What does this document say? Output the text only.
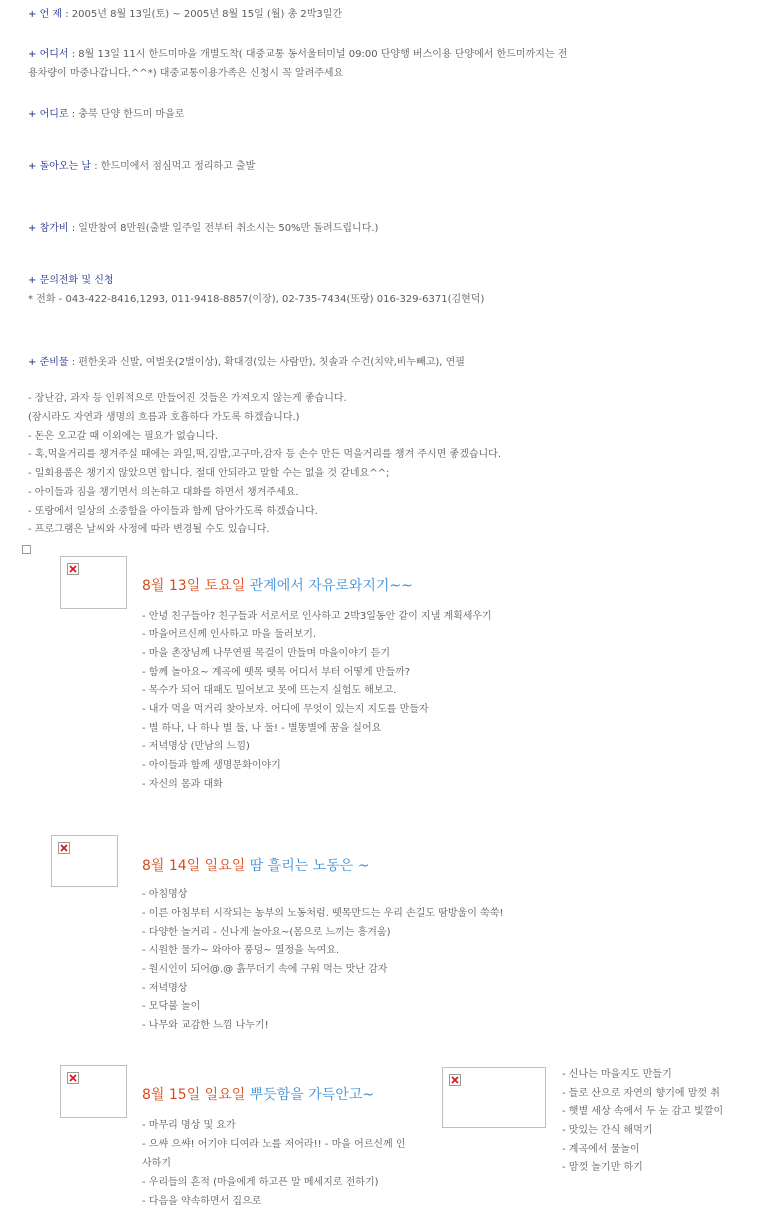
+ 언 제 : 2005년 8월 13일(토) ~ 2005년 8월 15일 (월) 총 2박3일간
+ 어디서 : 8월 13일 11시 한드미마을 개별도착( 대중교통 동서울터미널 09:00 단양행 버스이용 단양에서 한드미까지는 전
용차량이 마중나갑니다.^^*) 대중교통이용가족은 신청시 꼭 알려주세요
+ 어디로 : 충북 단양 한드미 마을로
+ 돌아오는 날 : 한드미에서 점심먹고 정리하고 출발
+ 참가비 : 일반참여 8만원(출발 일주일 전부터 취소시는 50%만 돌려드립니다.)
+ 문의전화 및 신청
* 전화 - 043-422-8416,1293, 011-9418-8857(이장), 02-735-7434(또랑) 016-329-6371(김현덕)
+ 준비물 : 편한옷과 신발, 여벌옷(2벌이상), 확대경(있는 사람만), 칫솔과 수건(치약,비누빼고), 연필
- 장난감, 과자 등 인위적으로 만들어진 것들은 가져오지 않는게 좋습니다.
(잠시라도 자연과 생명의 흐름과 호흡하다 가도록 하겠습니다.)
- 돈은 오고갈 때 이외에는 필요가 없습니다.
- 혹,먹을거리를 챙겨주실 때에는 과일,떡,김밥,고구마,감자 등 손수 만든 먹을거리를 챙겨 주시면 좋겠습니다.
- 일회용품은 챙기지 않았으면 합니다. 절대 안되라고 말할 수는 없을 것 같네요^^;
- 아이들과 짐을 챙기면서 의논하고 대화를 하면서 챙겨주세요.
- 또랑에서 일상의 소중함을 아이들과 함께 담아가도록 하겠습니다.
- 프로그램은 날씨와 사정에 따라 변경될 수도 있습니다.
8월 13일 토요일 관계에서 자유로와지기~~
- 안녕 친구들아? 친구들과 서로서로 인사하고 2박3일동안 같이 지낼 계획세우기
- 마을어르신께 인사하고 마을 둘러보기.
- 마을 촌장님께 나무연필 목걸이 만들며 마을이야기 듣기
- 함께 놀아요~ 계곡에 뗏목 뗏목 어디서 부터 어떻게 만들까?
- 목수가 되어 대패도 밀어보고 못에 뜨는지 실험도 해보고.
- 내가 먹을 먹거리 찾아보자. 어디에 무엇이 있는지 지도를 만들자
- 별 하나, 나 하나 별 둘, 나 둘! - 별똥별에 꿈을 실어요
- 저녁명상 (만남의 느낌)
- 아이들과 함께 생명문화이야기
- 자신의 몸과 대화
8월 14일 일요일 땀 흘리는 노동은 ~
- 아침명상
- 이른 아침부터 시작되는 농부의 노동처럼. 뗏목만드는 우리 손길도 땀방울이 쑥쑥!
- 다양한 놀거리 - 신나게 놀아요~(몸으로 느끼는 흥겨움)
- 시원한 물가~ 와아아 풍덩~ 열정을 녹여요.
- 원시인이 되어@.@ 흙무더기 속에 구워 먹는 맛난 감자
- 저녁명상
- 모닥불 놀이
- 나무와 교감한 느낌 나누기!
8월 15일 일요일 뿌듯함을 가득안고~
- 마무리 명상 및 요가
- 으쌰 으쌰! 어기야 디여라 노를 저어라!! - 마을 어르신께 인
사하기
- 우리들의 흔적 (마을에게 하고픈 말 메세지로 전하기)
- 다음을 약속하면서 집으로
- 신나는 마을지도 만들기
- 들로 산으로 자연의 향기에 맘껏 취
- 햇볕 세상 속에서 두 눈 감고 빛깔이
- 맛있는 간식 해먹기
- 계곡에서 물놀이
- 맘껏 놀기만 하기
